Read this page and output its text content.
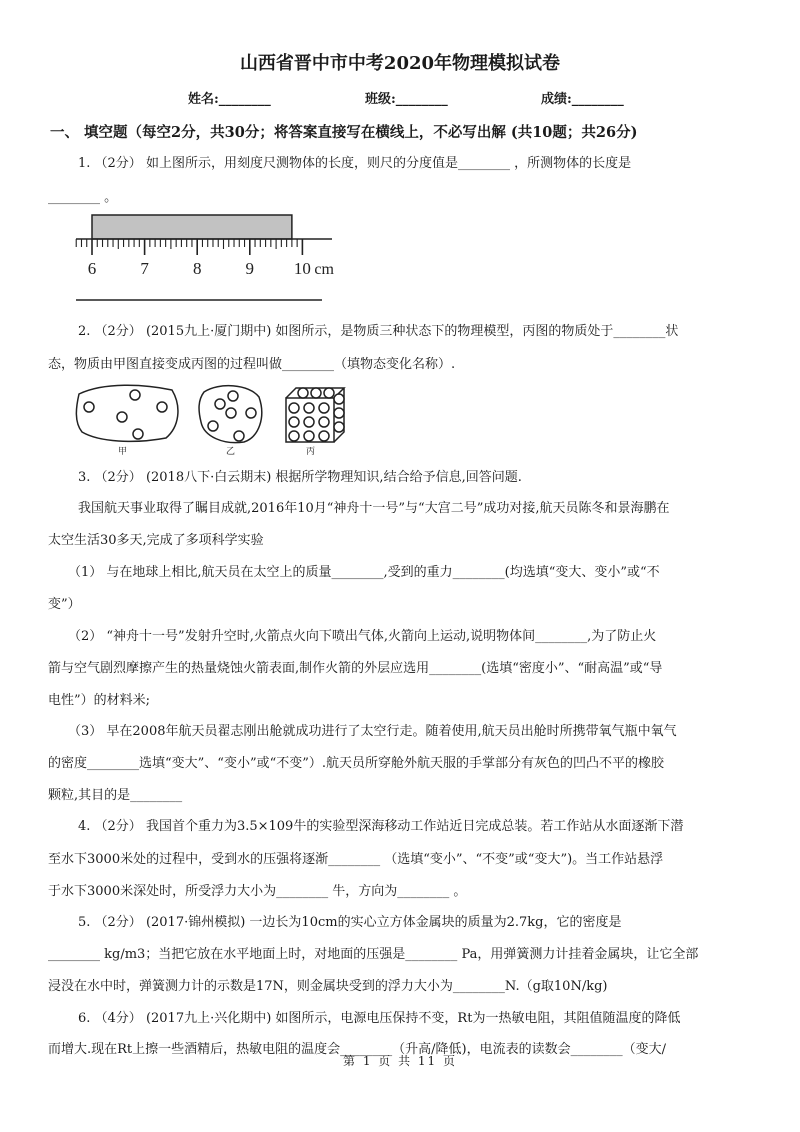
山西省晋中市中考2020年物理模拟试卷
姓名:________	班级:________	成绩:________
一、 填空题（每空2分，共30分；将答案直接写在横线上，不必写出解 (共10题；共26分)
1. （2分） 如上图所示，用刻度尺测物体的长度，则尺的分度值是________ ，所测物体的长度是
________ 。
6	7	8	9 10 cm
2. （2分） (2015九上·厦门期中) 如图所示，是物质三种状态下的物理模型，丙图的物质处于________状
态，物质由甲图直接变成丙图的过程叫做________（填物态变化名称）.
甲	乙	丙
3. （2分） (2018八下·白云期末) 根据所学物理知识,结合给予信息,回答问题.
我国航天事业取得了瞩目成就,2016年10月“神舟十一号”与“大宫二号”成功对接,航天员陈冬和景海鹏在
太空生活30多天,完成了多项科学实验
（1） 与在地球上相比,航天员在太空上的质量________,受到的重力________(均选填“变大、变小”或“不
变”）
（2） “神舟十一号”发射升空时,火箭点火向下喷出气体,火箭向上运动,说明物体间________,为了防止火
箭与空气剧烈摩擦产生的热量烧蚀火箭表面,制作火箭的外层应选用________(选填“密度小”、“耐高温”或“导
电性”）的材料米;
（3） 早在2008年航天员翟志刚出舱就成功进行了太空行走。随着使用,航天员出舱时所携带氧气瓶中氧气
的密度________选填“变大”、“变小”或“不变”）.航天员所穿舱外航天服的手掌部分有灰色的凹凸不平的橡胶
颗粒,其目的是________
4. （2分） 我国首个重力为3.5×109牛的实验型深海移动工作站近日完成总装。若工作站从水面逐渐下潜
至水下3000米处的过程中，受到水的压强将逐渐________ （选填“变小”、“不变”或“变大”)。当工作站悬浮
于水下3000米深处时，所受浮力大小为________ 牛，方向为________ 。
5. （2分） (2017·锦州模拟) 一边长为10cm的实心立方体金属块的质量为2.7kg，它的密度是
________ kg/m3；当把它放在水平地面上时，对地面的压强是________ Pa，用弹簧测力计挂着金属块，让它全部
浸没在水中时，弹簧测力计的示数是17N，则金属块受到的浮力大小为________N.（g取10N/kg)
6. （4分） (2017九上·兴化期中) 如图所示，电源电压保持不变，Rt为一热敏电阻，其阻值随温度的降低
而增大.现在Rt上擦一些酒精后，热敏电阻的温度会________（升高/降低)，电流表的读数会________（变大/
第 1 页 共 11 页
